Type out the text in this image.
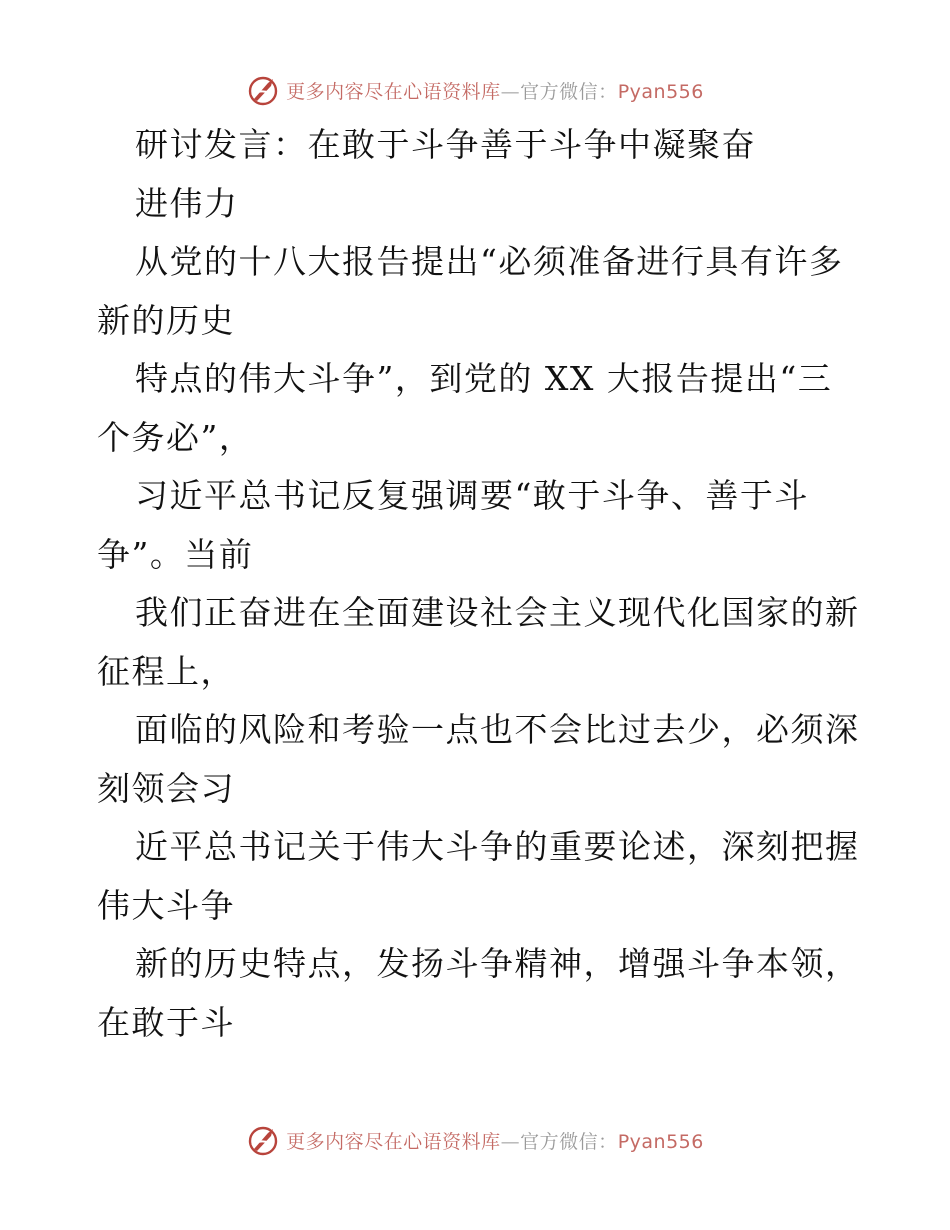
更多内容尽在心语资料库—官方微信：Pyan556
研讨发言：在敢于斗争善于斗争中凝聚奋
进伟力
从党的十八大报告提出“必须准备进行具有许多
新的历史
特点的伟大斗争”，到党的 XX 大报告提出“三
个务必”，
习近平总书记反复强调要“敢于斗争、善于斗
争”。当前
我们正奋进在全面建设社会主义现代化国家的新
征程上，
面临的风险和考验一点也不会比过去少，必须深
刻领会习
近平总书记关于伟大斗争的重要论述，深刻把握
伟大斗争
新的历史特点，发扬斗争精神，增强斗争本领，
在敢于斗
更多内容尽在心语资料库—官方微信：Pyan556
